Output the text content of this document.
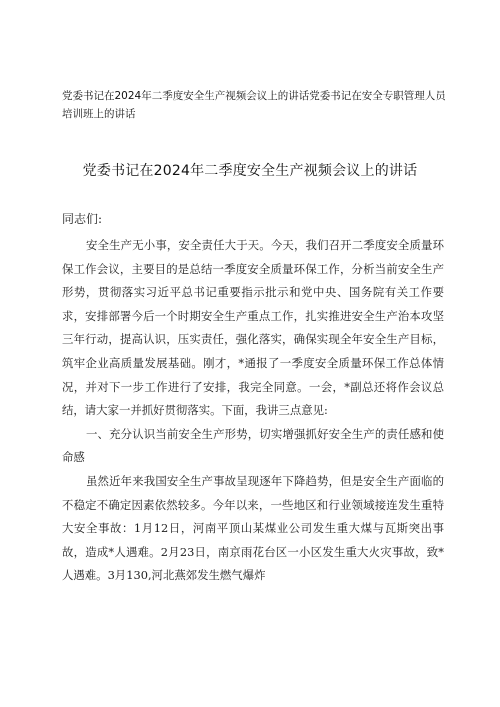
党委书记在2024年二季度安全生产视频会议上的讲话党委书记在安全专职管理人员培训班上的讲话
党委书记在2024年二季度安全生产视频会议上的讲话
同志们:

安全生产无小事，安全责任大于天。今天，我们召开二季度安全质量环保工作会议，主要目的是总结一季度安全质量环保工作，分析当前安全生产形势，贯彻落实习近平总书记重要指示批示和党中央、国务院有关工作要求，安排部署今后一个时期安全生产重点工作，扎实推进安全生产治本攻坚三年行动，提高认识，压实责任，强化落实，确保实现全年安全生产目标，筑牢企业高质量发展基础。刚才，*通报了一季度安全质量环保工作总体情况，并对下一步工作进行了安排，我完全同意。一会，*副总还将作会议总结，请大家一并抓好贯彻落实。下面，我讲三点意见:

一、充分认识当前安全生产形势，切实增强抓好安全生产的责任感和使命感

虽然近年来我国安全生产事故呈现逐年下降趋势，但是安全生产面临的不稳定不确定因素依然较多。今年以来，一些地区和行业领域接连发生重特大安全事故：1月12日，河南平顶山某煤业公司发生重大煤与瓦斯突出事故，造成*人遇难。2月23日，南京雨花台区一小区发生重大火灾事故，致*人遇难。3月130,河北燕郊发生燃气爆炸
